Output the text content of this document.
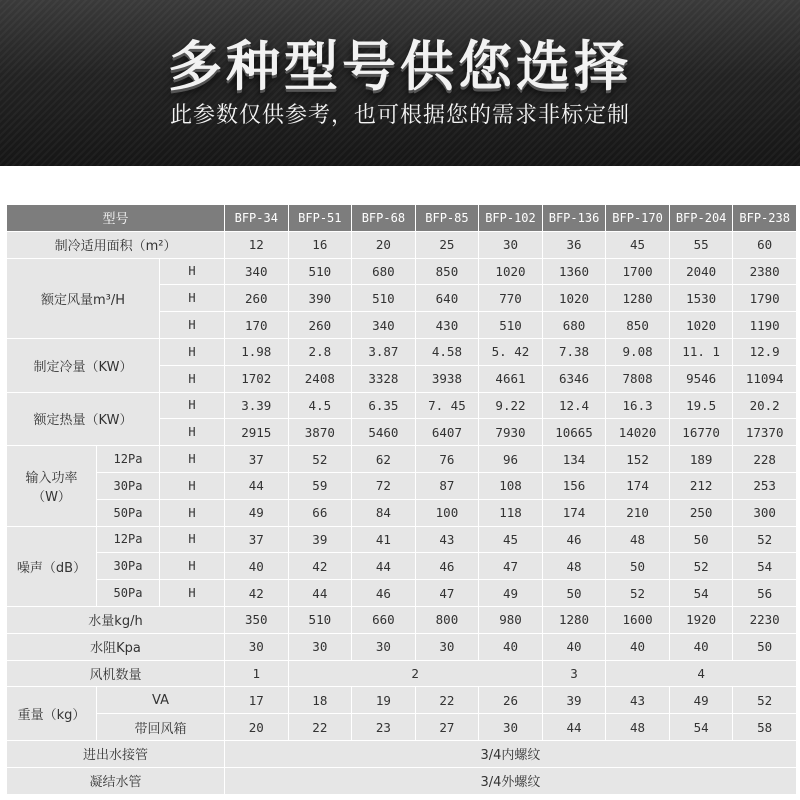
多种型号供您选择
此参数仅供参考，也可根据您的需求非标定制
型号			BFP-34	BFP-51	BFP-68	BFP-85	BFP-102	BFP-136	BFP-170	BFP-204	BFP-238
制冷适用面积（m²）			12	16	20	25	30	36	45	55	60
额定风量m³/H		H	340	510	680	850	1020	1360	1700	2040	2380
		H	260	390	510	640	770	1020	1280	1530	1790
		H	170	260	340	430	510	680	850	1020	1190
制定冷量（KW）		H	1.98	2.8	3.87	4.58	5. 42	7.38	9.08	11. 1	12.9
		H	1702	2408	3328	3938	4661	6346	7808	9546	11094
额定热量（KW）		H	3.39	4.5	6.35	7. 45	9.22	12.4	16.3	19.5	20.2
		H	2915	3870	5460	6407	7930	10665	14020	16770	17370

输入功率
（W）	12Pa	H	37	52	62	76	96	134	152	189	228
	30Pa	H	44	59	72	87	108	156	174	212	253
	50Pa	H	49	66	84	100	118	174	210	250	300
噪声（dB）	12Pa	H	37	39	41	43	45	46	48	50	52
	30Pa	H	40	42	44	46	47	48	50	52	54
	50Pa	H	42	44	46	47	49	50	52	54	56
水量kg/h			350	510	660	800	980	1280	1600	1920	2230
水阻Kpa			30	30	30	30	40	40	40	40	50
风机数量			1	2				3	4		
重量（kg）	VA		17	18	19	22	26	39	43	49	52
	带回风箱		20	22	23	27	30	44	48	54	58
进出水接管			3/4内螺纹								
凝结水管			3/4外螺纹								
